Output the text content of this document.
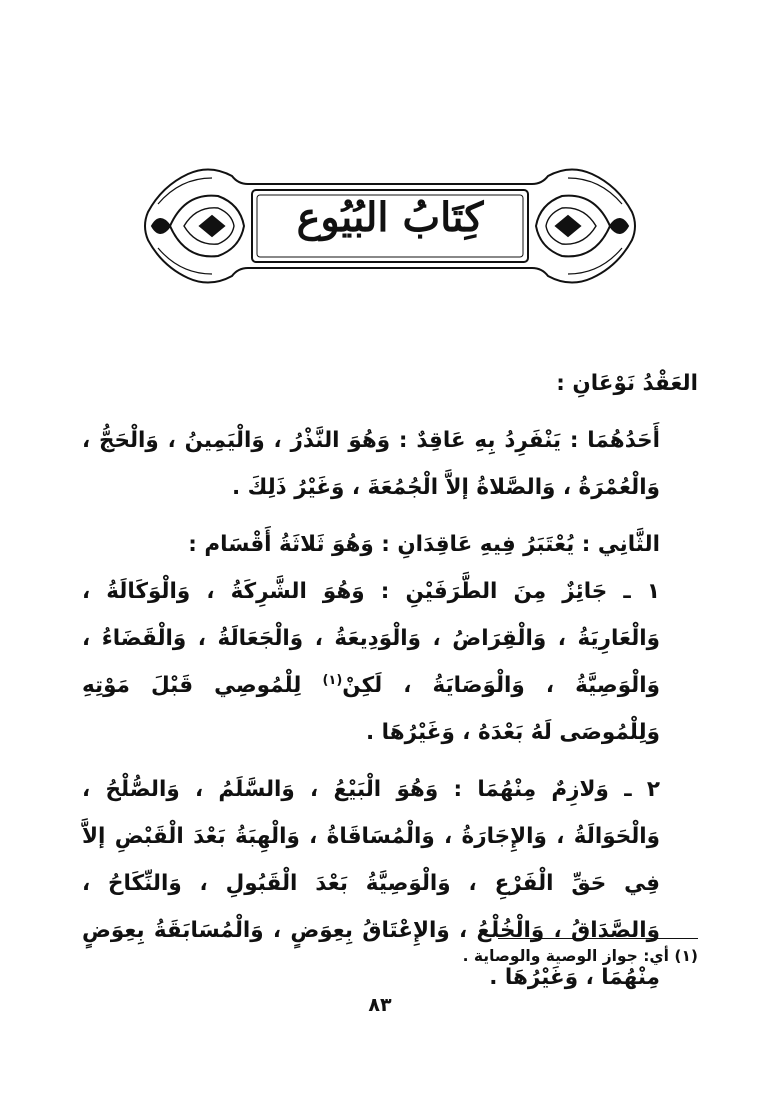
كِتَابُ البُيُوع

العَقْدُ نَوْعَانِ :

أَحَدُهُمَا : يَنْفَرِدُ بِهِ عَاقِدٌ : وَهُوَ النَّذْرُ ، وَالْيَمِينُ ، وَالْحَجُّ ، وَالْعُمْرَةُ ، وَالصَّلاةُ إلاَّ الْجُمُعَةَ ، وَغَيْرُ ذَلِكَ .

الثَّانِي : يُعْتَبَرُ فِيهِ عَاقِدَانِ : وَهُوَ ثَلاثَةُ أَقْسَام :

١ ـ جَائِزٌ مِنَ الطَّرَفَيْنِ : وَهُوَ الشَّرِكَةُ ، وَالْوَكَالَةُ ، وَالْعَارِيَةُ ، وَالْقِرَاضُ ، وَالْوَدِيعَةُ ، وَالْجَعَالَةُ ، وَالْقَضَاءُ ، وَالْوَصِيَّةُ ، وَالْوَصَايَةُ ، لَكِنْ$^{(١)}$ لِلْمُوصِي قَبْلَ مَوْتِهِ وَلِلْمُوصَى لَهُ بَعْدَهُ ، وَغَيْرُهَا .

٢ ـ وَلازِمٌ مِنْهُمَا : وَهُوَ الْبَيْعُ ، وَالسَّلَمُ ، وَالصُّلْحُ ، وَالْحَوَالَةُ ، وَالإِجَارَةُ ، وَالْمُسَاقَاةُ ، وَالْهِبَةُ بَعْدَ الْقَبْضِ إلاَّ فِي حَقِّ الْفَرْعِ ، وَالْوَصِيَّةُ بَعْدَ الْقَبُولِ ، وَالنِّكَاحُ ، وَالصَّدَاقُ ، وَالْخُلْعُ ، وَالإِعْتَاقُ بِعِوَضٍ ، وَالْمُسَابَقَةُ بِعِوَضٍ مِنْهُمَا ، وَغَيْرُهَا .

(١) أي: جواز الوصية والوصاية .
٨٣
